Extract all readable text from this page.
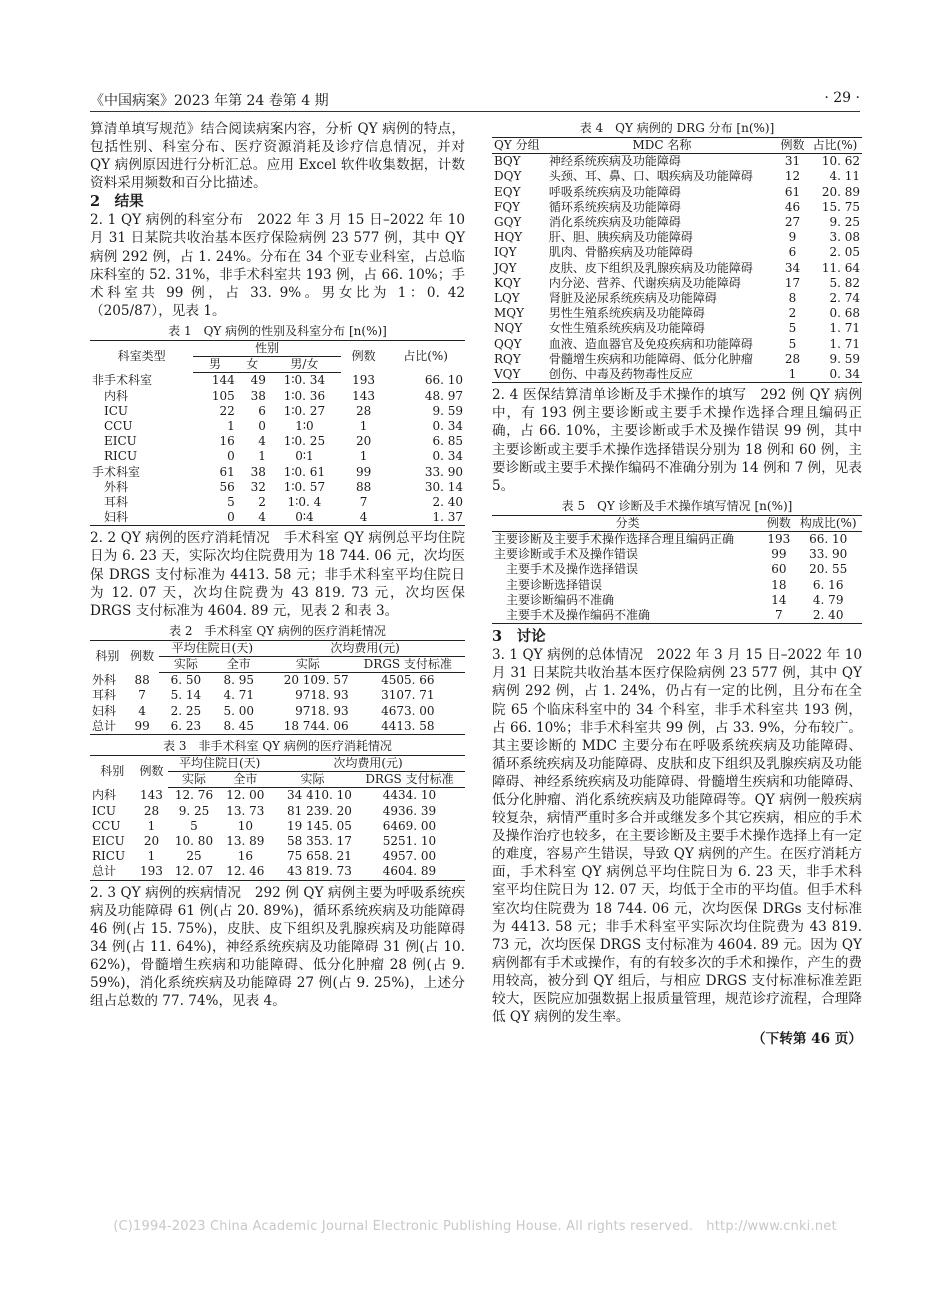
《中国病案》2023 年第 24 卷第 4 期	· 29 ·

算清单填写规范》结合阅读病案内容，分析 QY 病例的特点，包括性别、科室分布、医疗资源消耗及诊疗信息情况，并对 QY 病例原因进行分析汇总。应用 Excel 软件收集数据，计数资料采用频数和百分比描述。

2　结果

2. 1 QY 病例的科室分布　2022 年 3 月 15 日–2022 年 10 月 31 日某院共收治基本医疗保险病例 23 577 例，其中 QY 病例 292 例，占 1. 24%。分布在 34 个亚专业科室，占总临床科室的 52. 31%，非手术科室共 193 例，占 66. 10%；手术科室共 99 例，占 33. 9%。男女比为 1：0. 42（205/87），见表 1。

表 1　QY 病例的性别及科室分布 [n(%)]
科室类型	性别			例数	占比(%)
	男	女	男/女		
非手术科室	144	49	1∶0. 34	193	66. 10
内科	105	38	1∶0. 36	143	48. 97
ICU	22	6	1∶0. 27	28	9. 59
CCU	1	0	1∶0	1	0. 34
EICU	16	4	1∶0. 25	20	6. 85
RICU	0	1	0∶1	1	0. 34
手术科室	61	38	1∶0. 61	99	33. 90
外科	56	32	1∶0. 57	88	30. 14
耳科	5	2	1∶0. 4	7	2. 40
妇科	0	4	0∶4	4	1. 37

2. 2 QY 病例的医疗消耗情况　手术科室 QY 病例总平均住院日为 6. 23 天，实际次均住院费用为 18 744. 06 元，次均医保 DRGS 支付标准为 4413. 58 元；非手术科室平均住院日为 12. 07 天，次均住院费为 43 819. 73 元，次均医保 DRGS 支付标准为 4604. 89 元，见表 2 和表 3。

表 2　手术科室 QY 病例的医疗消耗情况
科别	例数	平均住院日(天)		次均费用(元)	
		实际	全市	实际	DRGS 支付标准
外科	88	6. 50	8. 95	20 109. 57	4505. 66
耳科	7	5. 14	4. 71	9718. 93	3107. 71
妇科	4	2. 25	5. 00	9718. 93	4673. 00
总计	99	6. 23	8. 45	18 744. 06	4413. 58
表 3　非手术科室 QY 病例的医疗消耗情况
科别	例数	平均住院日(天)		次均费用(元)	
		实际	全市	实际	DRGS 支付标准
内科	143	12. 76	12. 00	34 410. 10	4434. 10
ICU	28	9. 25	13. 73	81 239. 20	4936. 39
CCU	1	5	10	19 145. 05	6469. 00
EICU	20	10. 80	13. 89	58 353. 17	5251. 10
RICU	1	25	16	75 658. 21	4957. 00
总计	193	12. 07	12. 46	43 819. 73	4604. 89

2. 3 QY 病例的疾病情况　292 例 QY 病例主要为呼吸系统疾病及功能障碍 61 例(占 20. 89%)，循环系统疾病及功能障碍 46 例(占 15. 75%)，皮肤、皮下组织及乳腺疾病及功能障碍 34 例(占 11. 64%)，神经系统疾病及功能障碍 31 例(占 10. 62%)，骨髓增生疾病和功能障碍、低分化肿瘤 28 例(占 9. 59%)，消化系统疾病及功能障碍 27 例(占 9. 25%)，上述分组占总数的 77. 74%，见表 4。

表 4　QY 病例的 DRG 分布 [n(%)]
QY 分组	MDC 名称	例数	占比(%)
BQY	神经系统疾病及功能障碍	31	10. 62
DQY	头颈、耳、鼻、口、咽疾病及功能障碍	12	4. 11
EQY	呼吸系统疾病及功能障碍	61	20. 89
FQY	循环系统疾病及功能障碍	46	15. 75
GQY	消化系统疾病及功能障碍	27	9. 25
HQY	肝、胆、胰疾病及功能障碍	9	3. 08
IQY	肌肉、骨骼疾病及功能障碍	6	2. 05
JQY	皮肤、皮下组织及乳腺疾病及功能障碍	34	11. 64
KQY	内分泌、营养、代谢疾病及功能障碍	17	5. 82
LQY	肾脏及泌尿系统疾病及功能障碍	8	2. 74
MQY	男性生殖系统疾病及功能障碍	2	0. 68
NQY	女性生殖系统疾病及功能障碍	5	1. 71
QQY	血液、造血器官及免疫疾病和功能障碍	5	1. 71
RQY	骨髓增生疾病和功能障碍、低分化肿瘤	28	9. 59
VQY	创伤、中毒及药物毒性反应	1	0. 34

2. 4 医保结算清单诊断及手术操作的填写　292 例 QY 病例中，有 193 例主要诊断或主要手术操作选择合理且编码正确，占 66. 10%，主要诊断或手术及操作错误 99 例，其中主要诊断或主要手术操作选择错误分别为 18 例和 60 例，主要诊断或主要手术操作编码不准确分别为 14 例和 7 例，见表 5。

表 5　QY 诊断及手术操作填写情况 [n(%)]
分类	例数	构成比(%)
主要诊断及主要手术操作选择合理且编码正确	193	66. 10
主要诊断或手术及操作错误	99	33. 90
主要手术及操作选择错误	60	20. 55
主要诊断选择错误	18	6. 16
主要诊断编码不准确	14	4. 79
主要手术及操作编码不准确	7	2. 40
3　讨论

3. 1 QY 病例的总体情况　2022 年 3 月 15 日–2022 年 10 月 31 日某院共收治基本医疗保险病例 23 577 例，其中 QY 病例 292 例，占 1. 24%，仍占有一定的比例，且分布在全院 65 个临床科室中的 34 个科室，非手术科室共 193 例，占 66. 10%；非手术科室共 99 例，占 33. 9%，分布较广。其主要诊断的 MDC 主要分布在呼吸系统疾病及功能障碍、循环系统疾病及功能障碍、皮肤和皮下组织及乳腺疾病及功能障碍、神经系统疾病及功能障碍、骨髓增生疾病和功能障碍、低分化肿瘤、消化系统疾病及功能障碍等。QY 病例一般疾病较复杂，病情严重时多合并或继发多个其它疾病，相应的手术及操作治疗也较多，在主要诊断及主要手术操作选择上有一定的难度，容易产生错误，导致 QY 病例的产生。在医疗消耗方面，手术科室 QY 病例总平均住院日为 6. 23 天，非手术科室平均住院日为 12. 07 天，均低于全市的平均值。但手术科室次均住院费为 18 744. 06 元，次均医保 DRGs 支付标准为 4413. 58 元；非手术科室平实际次均住院费为 43 819. 73 元，次均医保 DRGS 支付标准为 4604. 89 元。因为 QY 病例都有手术或操作，有的有较多次的手术和操作，产生的费用较高，被分到 QY 组后，与相应 DRGS 支付标准标准差距较大，医院应加强数据上报质量管理，规范诊疗流程，合理降低 QY 病例的发生率。

（下转第 46 页）
(C)1994-2023 China Academic Journal Electronic Publishing House. All rights reserved.　http://www.cnki.net
